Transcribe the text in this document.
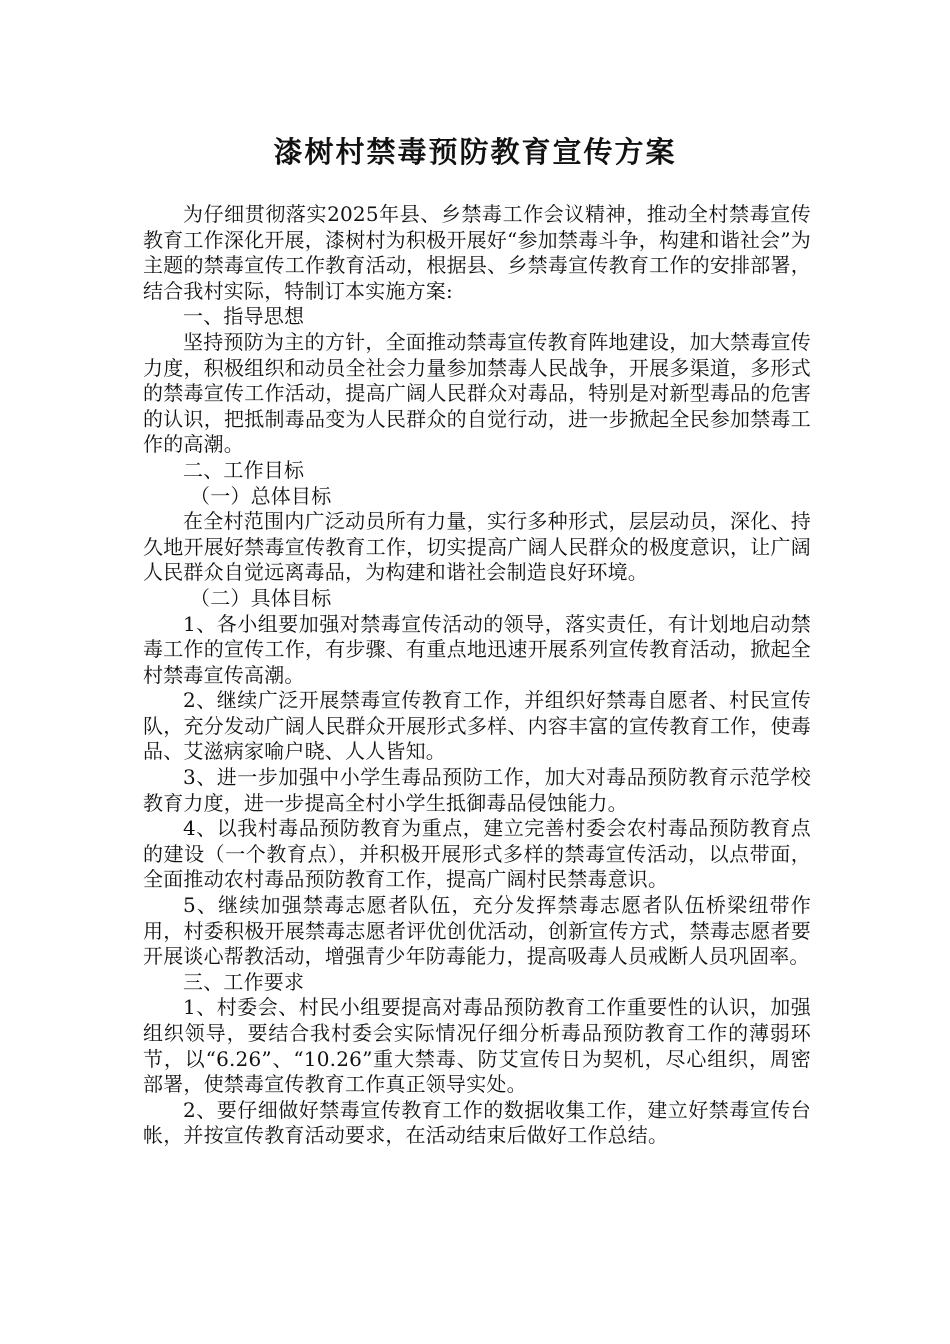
漆树村禁毒预防教育宣传方案

为仔细贯彻落实2025年县、乡禁毒工作会议精神，推动全村禁毒宣传教育工作深化开展，漆树村为积极开展好“参加禁毒斗争，构建和谐社会”为主题的禁毒宣传工作教育活动，根据县、乡禁毒宣传教育工作的安排部署，结合我村实际，特制订本实施方案:

一、指导思想

坚持预防为主的方针，全面推动禁毒宣传教育阵地建设，加大禁毒宣传力度，积极组织和动员全社会力量参加禁毒人民战争，开展多渠道，多形式的禁毒宣传工作活动，提高广阔人民群众对毒品，特别是对新型毒品的危害的认识，把抵制毒品变为人民群众的自觉行动，进一步掀起全民参加禁毒工作的高潮。

二、工作目标

（一）总体目标

在全村范围内广泛动员所有力量，实行多种形式，层层动员，深化、持久地开展好禁毒宣传教育工作，切实提高广阔人民群众的极度意识，让广阔人民群众自觉远离毒品，为构建和谐社会制造良好环境。

（二）具体目标

1、各小组要加强对禁毒宣传活动的领导，落实责任，有计划地启动禁毒工作的宣传工作，有步骤、有重点地迅速开展系列宣传教育活动，掀起全村禁毒宣传高潮。

2、继续广泛开展禁毒宣传教育工作，并组织好禁毒自愿者、村民宣传队，充分发动广阔人民群众开展形式多样、内容丰富的宣传教育工作，使毒品、艾滋病家喻户晓、人人皆知。

3、进一步加强中小学生毒品预防工作，加大对毒品预防教育示范学校教育力度，进一步提高全村小学生抵御毒品侵蚀能力。

4、以我村毒品预防教育为重点，建立完善村委会农村毒品预防教育点的建设（一个教育点），并积极开展形式多样的禁毒宣传活动，以点带面，全面推动农村毒品预防教育工作，提高广阔村民禁毒意识。

5、继续加强禁毒志愿者队伍，充分发挥禁毒志愿者队伍桥梁纽带作用，村委积极开展禁毒志愿者评优创优活动，创新宣传方式，禁毒志愿者要开展谈心帮教活动，增强青少年防毒能力，提高吸毒人员戒断人员巩固率。

三、工作要求

1、村委会、村民小组要提高对毒品预防教育工作重要性的认识，加强组织领导，要结合我村委会实际情况仔细分析毒品预防教育工作的薄弱环节，以“6.26”、“10.26”重大禁毒、防艾宣传日为契机，尽心组织，周密部署，使禁毒宣传教育工作真正领导实处。

2、要仔细做好禁毒宣传教育工作的数据收集工作，建立好禁毒宣传台帐，并按宣传教育活动要求，在活动结束后做好工作总结。
